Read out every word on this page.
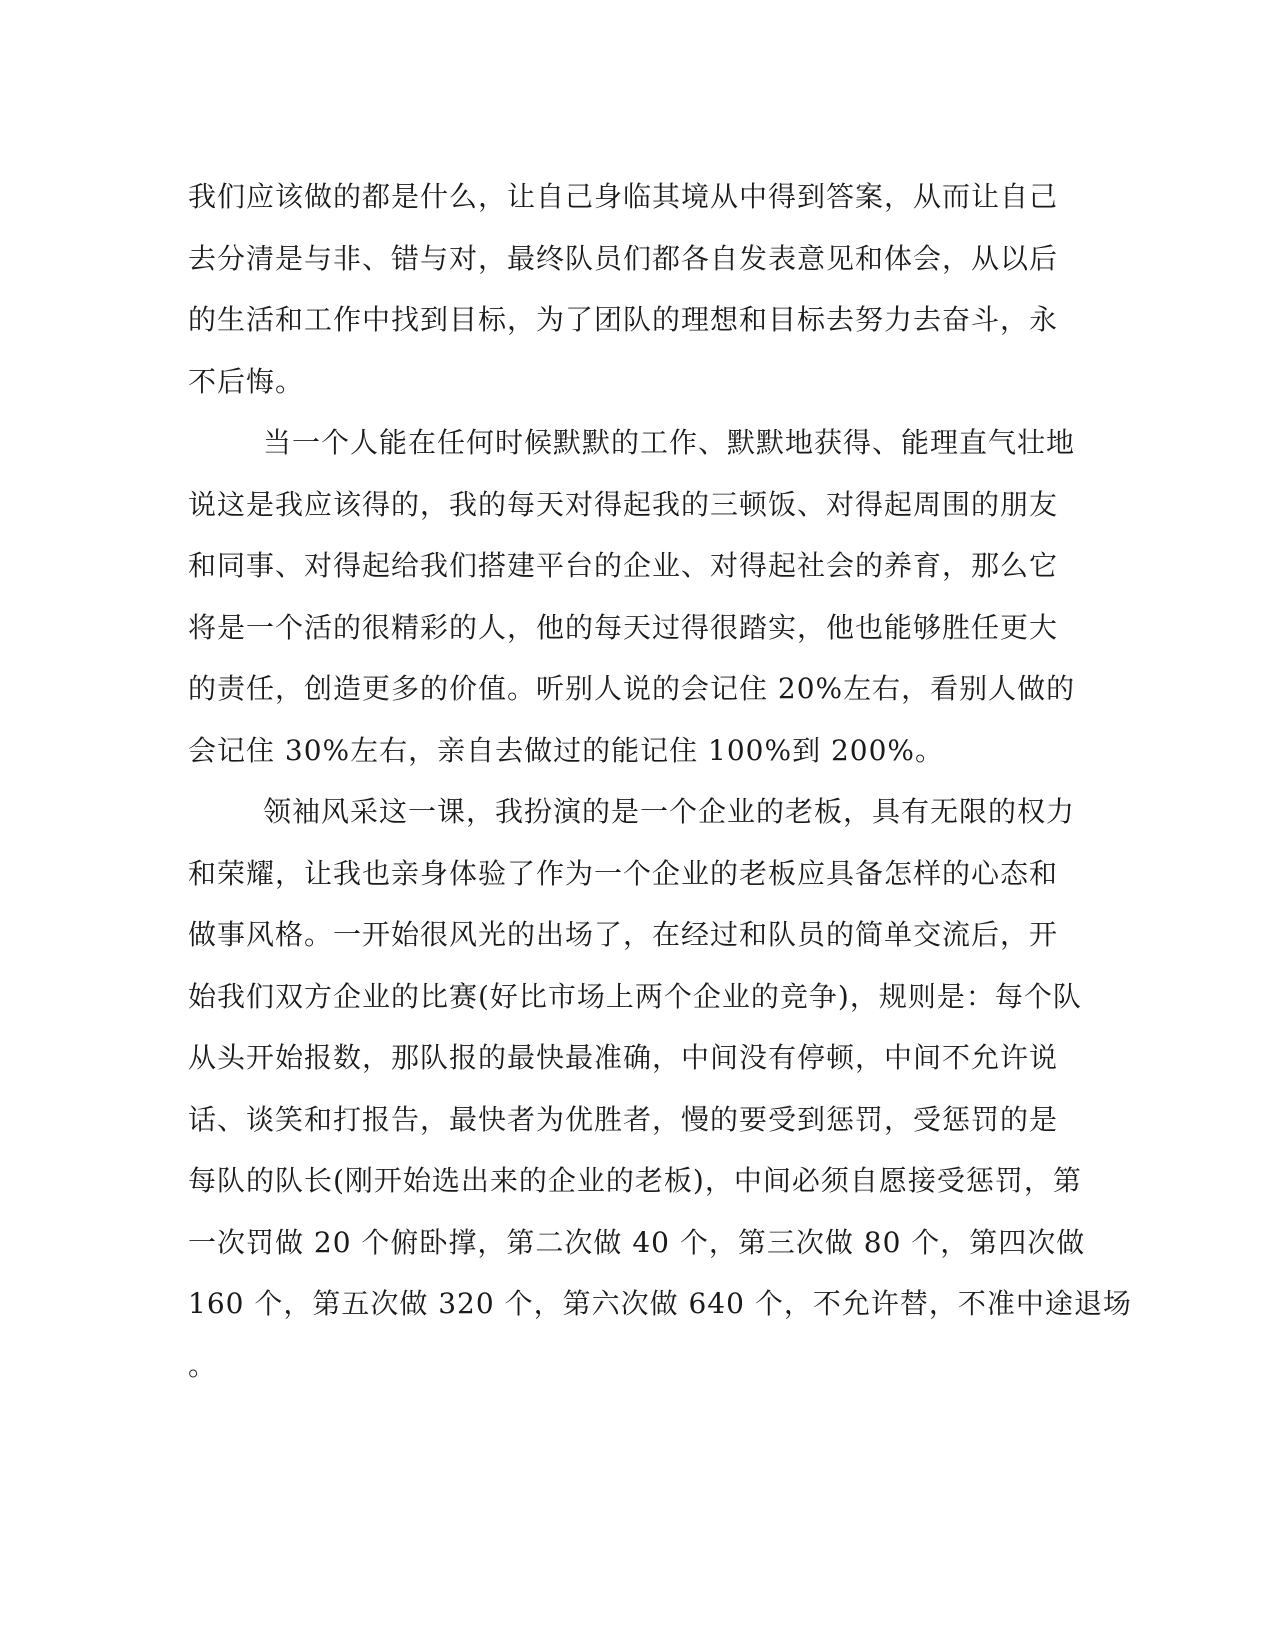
我们应该做的都是什么，让自己身临其境从中得到答案，从而让自己
去分清是与非、错与对，最终队员们都各自发表意见和体会，从以后
的生活和工作中找到目标，为了团队的理想和目标去努力去奋斗，永
不后悔。
当一个人能在任何时候默默的工作、默默地获得、能理直气壮地
说这是我应该得的，我的每天对得起我的三顿饭、对得起周围的朋友
和同事、对得起给我们搭建平台的企业、对得起社会的养育，那么它
将是一个活的很精彩的人，他的每天过得很踏实，他也能够胜任更大
的责任，创造更多的价值。听别人说的会记住 20%左右，看别人做的
会记住 30%左右，亲自去做过的能记住 100%到 200%。
领袖风采这一课，我扮演的是一个企业的老板，具有无限的权力
和荣耀，让我也亲身体验了作为一个企业的老板应具备怎样的心态和
做事风格。一开始很风光的出场了，在经过和队员的简单交流后，开
始我们双方企业的比赛(好比市场上两个企业的竞争)，规则是：每个队
从头开始报数，那队报的最快最准确，中间没有停顿，中间不允许说
话、谈笑和打报告，最快者为优胜者，慢的要受到惩罚，受惩罚的是
每队的队长(刚开始选出来的企业的老板)，中间必须自愿接受惩罚，第
一次罚做 20 个俯卧撑，第二次做 40 个，第三次做 80 个，第四次做
160 个，第五次做 320 个，第六次做 640 个，不允许替，不准中途退场
。
